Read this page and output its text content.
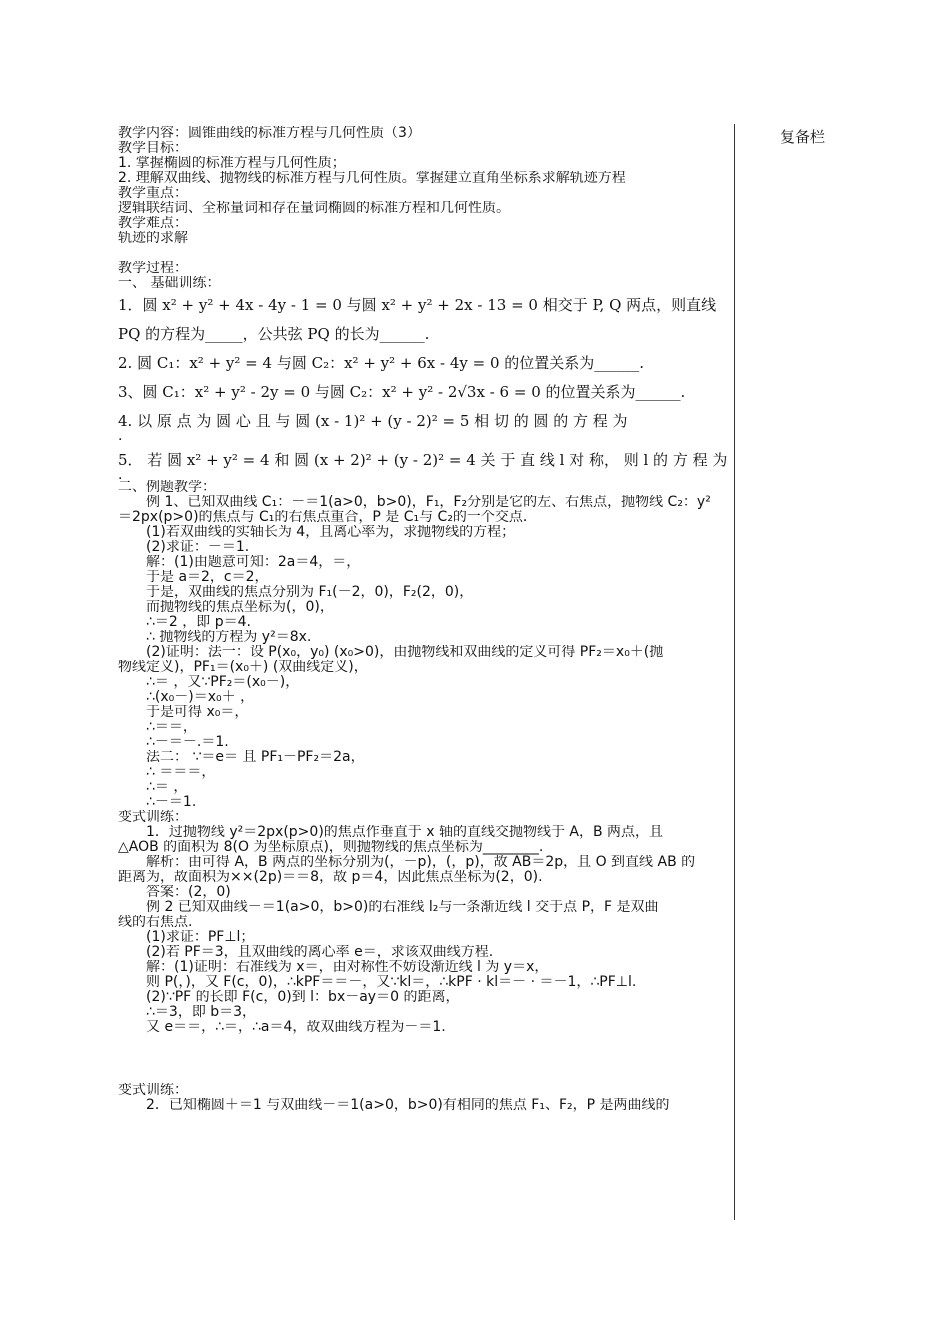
复备栏
教学内容：圆锥曲线的标准方程与几何性质（3）
教学目标：
1. 掌握椭圆的标准方程与几何性质；
2. 理解双曲线、抛物线的标准方程与几何性质。掌握建立直角坐标系求解轨迹方程
教学重点：
逻辑联结词、全称量词和存在量词椭圆的标准方程和几何性质。
教学难点：
轨迹的求解
教学过程：
一、 基础训练：
1．圆 x² + y² + 4x - 4y - 1 = 0 与圆 x² + y² + 2x - 13 = 0 相交于 P, Q 两点，则直线
PQ 的方程为_____，公共弦 PQ 的长为______.
2. 圆 C₁：x² + y² = 4 与圆 C₂：x² + y² + 6x - 4y = 0 的位置关系为______.
3、圆 C₁：x² + y² - 2y = 0 与圆 C₂：x² + y² - 2√3x - 6 = 0 的位置关系为______.
4. 以 原 点 为 圆 心 且 与 圆 (x - 1)² + (y - 2)² = 5 相 切 的 圆 的 方 程 为
.
5． 若 圆 x² + y² = 4 和 圆 (x + 2)² + (y - 2)² = 4 关 于 直 线 l 对 称， 则 l 的 方 程 为
.
二、例题教学：
例 1、已知双曲线 C₁：－＝1(a>0，b>0)，F₁，F₂分别是它的左、右焦点，抛物线 C₂：y²
＝2px(p>0)的焦点与 C₁的右焦点重合，P 是 C₁与 C₂的一个交点．
(1)若双曲线的实轴长为 4，且离心率为，求抛物线的方程；
(2)求证：－＝1.
解：(1)由题意可知：2a＝4，＝，
于是 a＝2，c＝2，
于是，双曲线的焦点分别为 F₁(－2，0)，F₂(2，0)，
而抛物线的焦点坐标为(，0)，
∴＝2 ，即 p＝4.
∴ 抛物线的方程为 y²＝8x.
(2)证明：法一：设 P(x₀，y₀) (x₀>0)，由抛物线和双曲线的定义可得 PF₂＝x₀＋(抛
物线定义)，PF₁＝(x₀＋) (双曲线定义)，
∴＝ ，又∵PF₂＝(x₀－)，
∴(x₀－)＝x₀＋ ，
于是可得 x₀＝，
∴＝＝，
∴－＝－.＝1.
法二： ∵＝e＝ 且 PF₁－PF₂＝2a，
∴ ＝＝＝，
∴＝ ，
∴－＝1.
变式训练：
1．过抛物线 y²＝2px(p>0)的焦点作垂直于 x 轴的直线交抛物线于 A，B 两点，且
△AOB 的面积为 8(O 为坐标原点)，则抛物线的焦点坐标为________.
解析：由可得 A，B 两点的坐标分别为(，－p)，(，p)，故 AB＝2p，且 O 到直线 AB 的
距离为，故面积为××(2p)＝＝8，故 p＝4，因此焦点坐标为(2，0).
答案：(2，0)
例 2 已知双曲线－＝1(a>0，b>0)的右准线 l₂与一条渐近线 l 交于点 P，F 是双曲
线的右焦点.
(1)求证：PF⊥l；
(2)若 PF＝3，且双曲线的离心率 e＝，求该双曲线方程.
解：(1)证明：右准线为 x＝，由对称性不妨设渐近线 l 为 y＝x，
则 P(，)，又 F(c，0)，∴kPF＝＝－，又∵kl＝，∴kPF · kl＝－ · ＝－1，∴PF⊥l.
(2)∵PF 的长即 F(c，0)到 l：bx－ay＝0 的距离，
∴＝3，即 b＝3，
又 e＝＝，∴＝，∴a＝4，故双曲线方程为－＝1.
变式训练：
2．已知椭圆＋＝1 与双曲线－＝1(a>0，b>0)有相同的焦点 F₁、F₂，P 是两曲线的
